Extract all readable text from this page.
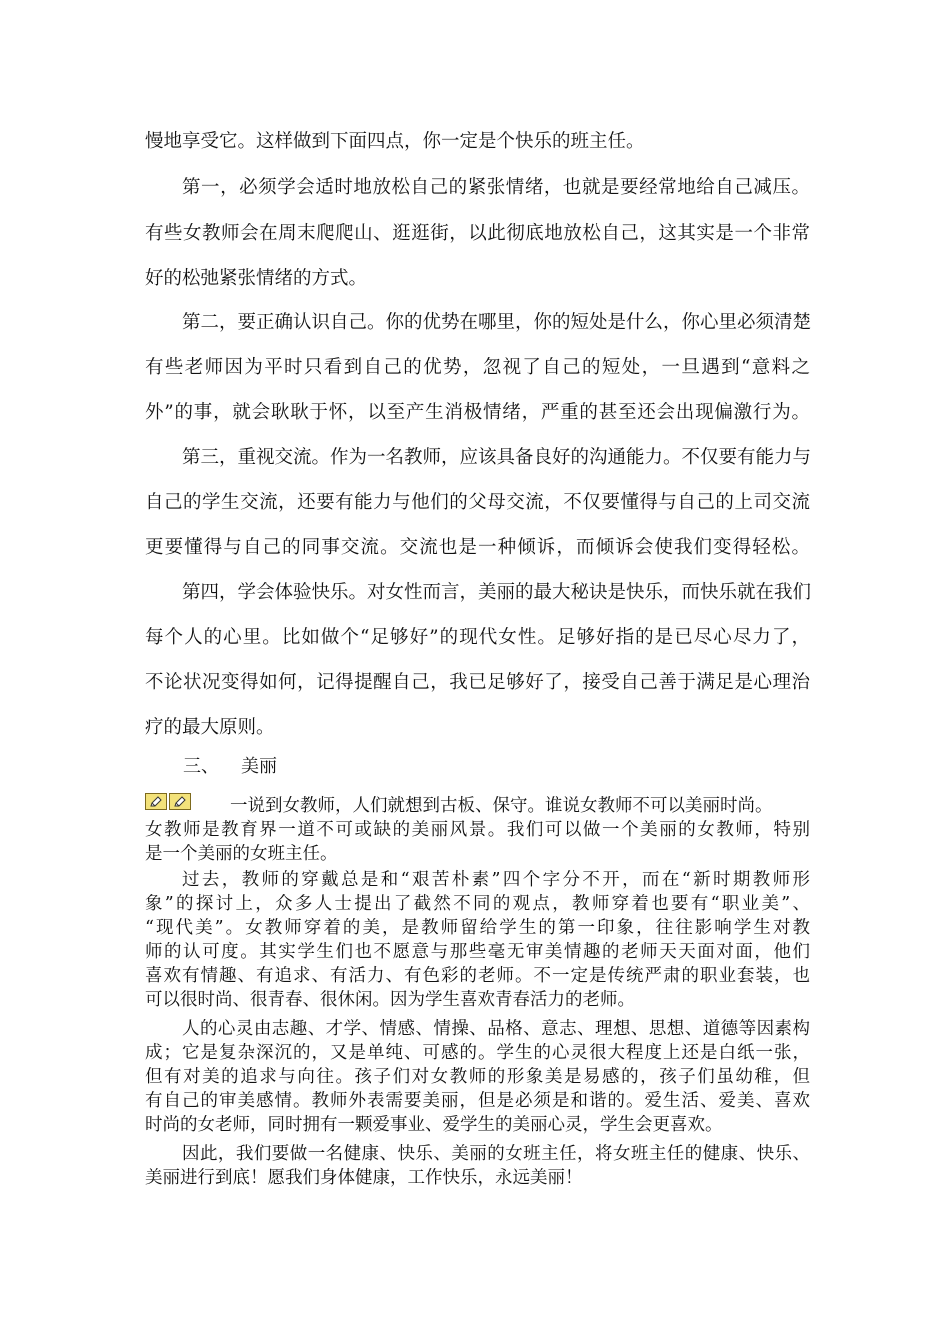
慢地享受它。这样做到下面四点，你一定是个快乐的班主任。
第一，必须学会适时地放松自己的紧张情绪，也就是要经常地给自己减压。
有些女教师会在周末爬爬山、逛逛街，以此彻底地放松自己，这其实是一个非常
好的松弛紧张情绪的方式。
第二，要正确认识自己。你的优势在哪里，你的短处是什么，你心里必须清楚
有些老师因为平时只看到自己的优势，忽视了自己的短处，一旦遇到“意料之
外”的事，就会耿耿于怀，以至产生消极情绪，严重的甚至还会出现偏激行为。
第三，重视交流。作为一名教师，应该具备良好的沟通能力。不仅要有能力与
自己的学生交流，还要有能力与他们的父母交流，不仅要懂得与自己的上司交流
更要懂得与自己的同事交流。交流也是一种倾诉，而倾诉会使我们变得轻松。
第四，学会体验快乐。对女性而言，美丽的最大秘诀是快乐，而快乐就在我们
每个人的心里。比如做个“足够好”的现代女性。足够好指的是已尽心尽力了，
不论状况变得如何，记得提醒自己，我已足够好了，接受自己善于满足是心理治
疗的最大原则。
三、 美丽
一说到女教师，人们就想到古板、保守。谁说女教师不可以美丽时尚。
女教师是教育界一道不可或缺的美丽风景。我们可以做一个美丽的女教师，特别
是一个美丽的女班主任。
过去，教师的穿戴总是和“艰苦朴素”四个字分不开，而在“新时期教师形
象”的探讨上，众多人士提出了截然不同的观点，教师穿着也要有“职业美”、
“现代美”。女教师穿着的美，是教师留给学生的第一印象，往往影响学生对教
师的认可度。其实学生们也不愿意与那些毫无审美情趣的老师天天面对面，他们
喜欢有情趣、有追求、有活力、有色彩的老师。不一定是传统严肃的职业套装，也
可以很时尚、很青春、很休闲。因为学生喜欢青春活力的老师。
人的心灵由志趣、才学、情感、情操、品格、意志、理想、思想、道德等因素构
成；它是复杂深沉的，又是单纯、可感的。学生的心灵很大程度上还是白纸一张，
但有对美的追求与向往。孩子们对女教师的形象美是易感的，孩子们虽幼稚，但
有自己的审美感情。教师外表需要美丽，但是必须是和谐的。爱生活、爱美、喜欢
时尚的女老师，同时拥有一颗爱事业、爱学生的美丽心灵，学生会更喜欢。
因此，我们要做一名健康、快乐、美丽的女班主任，将女班主任的健康、快乐、
美丽进行到底！愿我们身体健康，工作快乐，永远美丽！
